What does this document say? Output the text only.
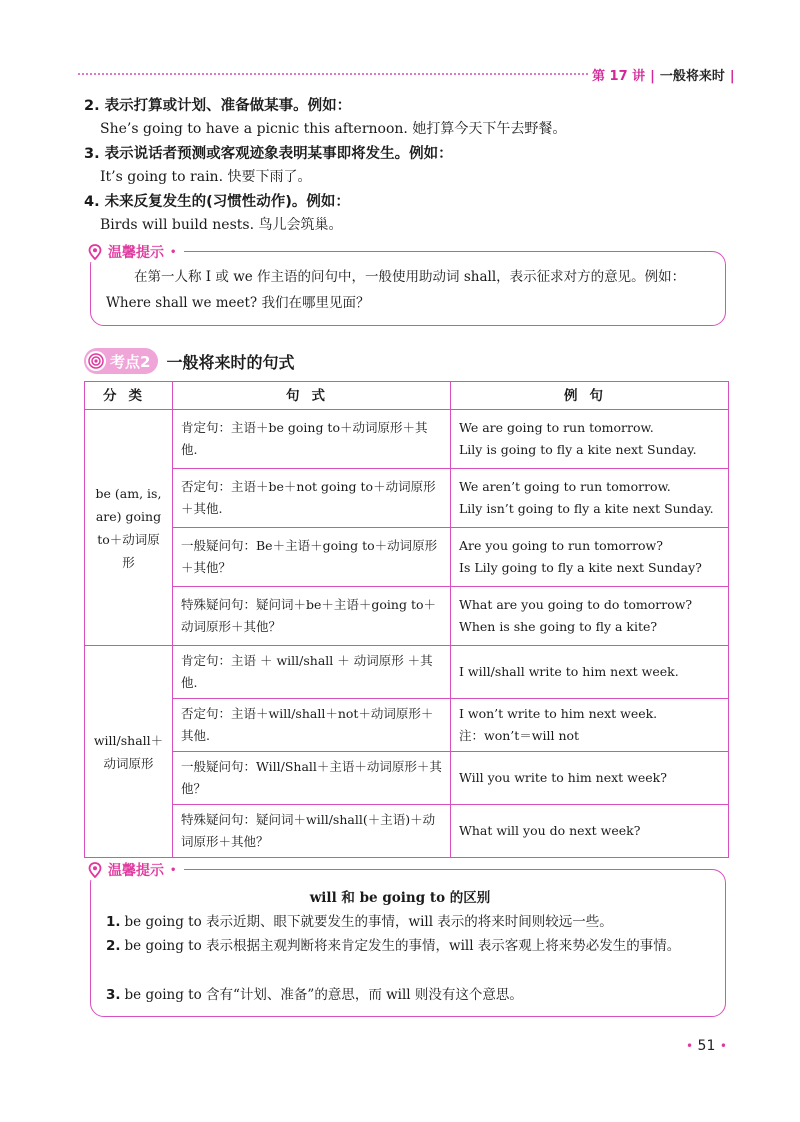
第 17 讲 | 一般将来时 |
2. 表示打算或计划、准备做某事。例如：
She’s going to have a picnic this afternoon. 她打算今天下午去野餐。
3. 表示说话者预测或客观迹象表明某事即将发生。例如：
It’s going to rain. 快要下雨了。
4. 未来反复发生的(习惯性动作)。例如：
Birds will build nests. 鸟儿会筑巢。
温馨提示 •
在第一人称 I 或 we 作主语的问句中，一般使用助动词 shall，表示征求对方的意见。例如：
Where shall we meet? 我们在哪里见面？
考点2 一般将来时的句式
分类	句式	例句
be (am, is, are) going to＋动词原形	肯定句：主语＋be going to＋动词原形＋其他.	We are going to run tomorrow.
Lily is going to fly a kite next Sunday.

	否定句：主语＋be＋not going to＋动词原形＋其他.	We aren’t going to run tomorrow.
Lily isn’t going to fly a kite next Sunday.

	一般疑问句：Be＋主语＋going to＋动词原形＋其他？	Are you going to run tomorrow?
Is Lily going to fly a kite next Sunday?

	特殊疑问句：疑问词＋be＋主语＋going to＋动词原形＋其他？	What are you going to do tomorrow?
When is she going to fly a kite?

will/shall＋动词原形	肯定句：主语 ＋ will/shall ＋ 动词原形 ＋其他.	I will/shall write to him next week.

	否定句：主语＋will/shall＋not＋动词原形＋其他.	I won’t write to him next week.
注：won’t＝will not

	一般疑问句：Will/Shall＋主语＋动词原形＋其他？	Will you write to him next week?

	特殊疑问句：疑问词＋will/shall(＋主语)＋动词原形＋其他？	What will you do next week?
温馨提示 •
will 和 be going to 的区别
1. be going to 表示近期、眼下就要发生的事情，will 表示的将来时间则较远一些。
2. be going to 表示根据主观判断将来肯定发生的事情，will 表示客观上将来势必发生的事情。
3. be going to 含有“计划、准备”的意思，而 will 则没有这个意思。
• 51 •
